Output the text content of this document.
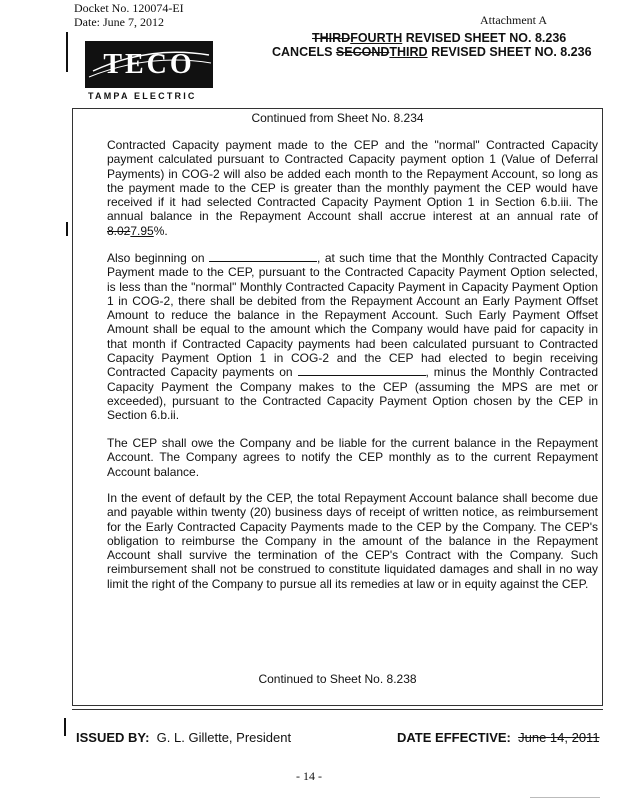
Docket No. 120074-EI
Date: June 7, 2012	Attachment A
TECO
TAMPA ELECTRIC
THIRDFOURTH REVISED SHEET NO. 8.236
CANCELS SECONDTHIRD REVISED SHEET NO. 8.236
Continued from Sheet No. 8.234
Contracted Capacity payment made to the CEP and the "normal" Contracted Capacity payment calculated pursuant to Contracted Capacity payment option 1 (Value of Deferral Payments) in COG-2 will also be added each month to the Repayment Account, so long as the payment made to the CEP is greater than the monthly payment the CEP would have received if it had selected Contracted Capacity Payment Option 1 in Section 6.b.iii. The annual balance in the Repayment Account shall accrue interest at an annual rate of 8.027.95%.
Also beginning on	, at such time that the Monthly Contracted Capacity Payment made to the CEP, pursuant to the Contracted Capacity Payment Option selected, is less than the "normal" Monthly Contracted Capacity Payment in Capacity Payment Option 1 in COG-2, there shall be debited from the Repayment Account an Early Payment Offset Amount to reduce the balance in the Repayment Account. Such Early Payment Offset Amount shall be equal to the amount which the Company would have paid for capacity in that month if Contracted Capacity payments had been calculated pursuant to Contracted Capacity Payment Option 1 in COG-2 and the CEP had elected to begin receiving Contracted Capacity payments on	, minus the Monthly Contracted Capacity Payment the Company makes to the CEP (assuming the MPS are met or exceeded), pursuant to the Contracted Capacity Payment Option chosen by the CEP in Section 6.b.ii.
The CEP shall owe the Company and be liable for the current balance in the Repayment Account. The Company agrees to notify the CEP monthly as to the current Repayment Account balance.
In the event of default by the CEP, the total Repayment Account balance shall become due and payable within twenty (20) business days of receipt of written notice, as reimbursement for the Early Contracted Capacity Payments made to the CEP by the Company. The CEP's obligation to reimburse the Company in the amount of the balance in the Repayment Account shall survive the termination of the CEP's Contract with the Company. Such reimbursement shall not be construed to constitute liquidated damages and shall in no way limit the right of the Company to pursue all its remedies at law or in equity against the CEP.
Continued to Sheet No. 8.238
ISSUED BY: G. L. Gillette, President	DATE EFFECTIVE: June 14, 2011
- 14 -
